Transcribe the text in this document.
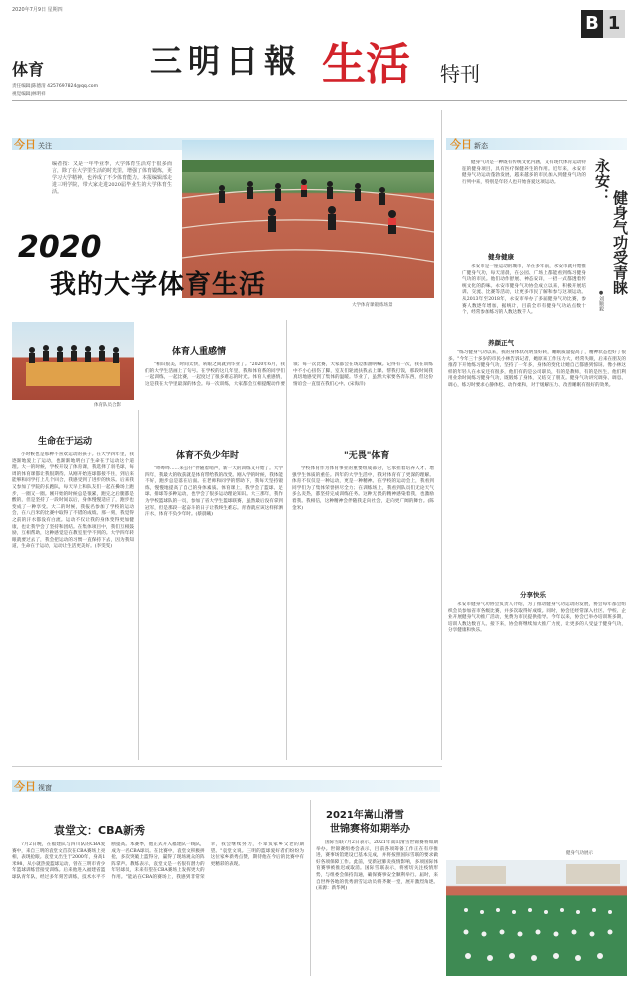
2020年7月9日 星期四
体育
责任编辑|陈德清 4257697824@qq.com
视觉编辑|林明祥
三明日報 生活 特刊
B 1
今日 关注
编者按：又是一年毕业季，大学体育生活对于很多而言，除了在大学里生活的时光里，增强了体育锻炼，更学习大学精神，也养成了不少体育能力。本报编辑部走进三明学院，带大家走进2020届毕业生的大学体育生活。
大学体育课锻炼场景
2020
我的大学体育生活
体育队员合影
生命在于运动

小时候也是那种不喜欢运动的孩子。在大学四年里，我逐渐地爱上了运动，也渐渐地明白了生命在于运动这个道理。大一的时候，学校开设了体育课，我选择了羽毛球，每周的体育课都让我很期待。从刚开始连球都接不住，到后来能够和同学打上几个回合，我感受到了进步的快乐。后来我又参加了学院的长跑队，每天早上和队友们一起在操场上跑步，一圈又一圈。刚开始的时候总是很累，跑完之后腿都是酸的，但是坚持了一段时间以后，身体慢慢适应了，跑步也变成了一种享受。大二的时候，我报名参加了学校的运动会，在八百米的比赛中取得了不错的成绩。那一刻，我觉得之前的汗水都没有白流。运动不仅让我的身体变得更加健康，也让我学会了坚持和团结。在集体项目中，我们互相鼓励，互相帮助，这种感觉是在教室里学不到的。大学四年转眼就要过去了，我会把运动的习惯一直保持下去，因为我知道，生命在于运动，运动让生活更美好。(李雯雯)

体育人重感情

"相识很美，时间太快，转眼之间就到毕业了。"2020年6月，我们的大学生活画上了句号。在学校的这几年里，我和体育系的同学们一起训练，一起比赛，一起度过了很多难忘的时光。体育人重感情，这是我在大学里最深的体会。每一次训练，大家都会互相提醒动作要领；每一次比赛，大家都会在场边加油呐喊。记得有一次，我在训练中不小心扭伤了脚，室友们轮流扶我去上课、帮我打饭，那段时间我真切地感受到了集体的温暖。毕业了，虽然大家要各奔东西，但这份情谊会一直留在我们心中。(宋海洋)

体育不负少年时

"哔哔哔……来公仔"伴随着哨声，新一天的训练又开始了。大学四年，我最大的收获就是体育带给我的改变。刚入学的时候，我体能不好，跑步总是落在后面。在老师和同学的帮助下，我每天坚持锻炼，慢慢地提高了自己的身体素质。体育课上，我学会了篮球、足球、排球等多种运动，也学会了很多运动理论知识。大三那年，我作为学校篮球队的一员，参加了省大学生篮球联赛，虽然最后没有拿到冠军，但是那段一起奋斗的日子让我终生难忘。青春就应该这样挥洒汗水，体育不负少年时。(蔡晨曦)

"无畏"体育

学校体育作为体育事业的重要组成部分，它承担着培养人才、增强学生体质的重任。四年的大学生活中，我对体育有了更深的理解。体育不仅仅是一种运动，更是一种精神。在学校的运动会上，我看到同学们为了集体荣誉拼尽全力；在训练场上，我看到队员们无论天气多么炎热，都坚持完成训练任务。这种无畏的精神感染着我，也激励着我。我相信，这种精神会伴随我走向社会，走向更广阔的舞台。(陈金米)

今日 新态
永安：
健身气功受青睐
●刘顺毅

健身气功是一种既有传统文化内涵，又有现代体育运动特征的健身项目，具有医疗保健养生的作用。近年来，永安市健身气功运动蓬勃发展，越来越多的市民加入到健身气功的行列中来，特别是年轻人也开始喜爱这项运动。

健身健康

永安市是一座运动的城市，早在多年前，永安市就开始推广健身气功，每天清晨，在公园、广场上都能看到练习健身气功的市民。他们动作舒展、神态安详，一招一式都透着传统文化的韵味。永安市健身气功协会成立以来，积极开展培训、交流、比赛等活动，让更多市民了解和参与这项运动。从2013年至2018年，永安市举办了多届健身气功比赛，参赛人数逐年增加，据统计，目前全市有健身气功站点数十个，经常参加练习的人数达数千人。

养颜正气

"练习健身气功以来，我的身体状况明显好转，睡眠质量提高了，精神状态也好了很多。"今年三十多岁的市民小林告诉记者，她原来工作压力大，经常失眠，后来在朋友的推荐下开始练习健身气功，坚持了一年多，身体的变化让她自己都感到惊讶。像小林这样的年轻人在永安还有很多，他们有的是公司职员，有的是教师，有的是医生，他们利用业余时间练习健身气功，既锻炼了身体，又结交了朋友。健身气功讲究调身、调息、调心，练习时要求心静体松、动作柔和，对于缓解压力、改善睡眠有很好的效果。

分享快乐

永安市健身气功协会负责人介绍，为了推动健身气功运动的发展，协会每年都会组织会员参加省市各级比赛，并多次取得好成绩。同时，协会还经常深入社区、学校、企业开展健身气功推广活动，免费为市民提供指导。今年以来，协会已举办培训班多期，培训人数达数百人。接下来，协会将继续加大推广力度，让更多的人受益于健身气功，分享健康和快乐。

健身气功展示
今日 视窗
袁堂文：CBA新秀

7月2日晚，在福建队与四川队的CBA复赛中，来自三明的袁堂文首次在CBA赛场上亮相，表现抢眼。袁堂文出生于2000年，身高1米98，从小就热爱篮球运动，曾在三明市青少年篮球训练营接受训练。后来他进入福建省篮球队青年队，经过多年刻苦训练，技术水平不断提高。本赛季，他正式升入福建队一线队，成为一名CBA球员。在比赛中，袁堂文积极拼抢，多次突破上篮得分，赢得了现场观众的阵阵掌声。教练表示，袁堂文是一名很有潜力的年轻球员，未来有望在CBA赛场上发挥更大的作用。"能站在CBA的赛场上，我感到非常荣幸，我会继续努力，不辜负家乡父老的期望。"袁堂文说。三明的篮球爱好者们纷纷为这位家乡新秀点赞，期待他在今后的比赛中有更精彩的表现。

2021年嵩山滑雪
世锦赛将如期举办

国际雪联7月2日表示，2021年嵩山滑雪世锦赛将如期举办。世锦赛组委会表示，目前各项筹备工作正在有序推进，赛事场馆建设已基本完成，并将按照国际雪联的要求做好各项保障工作。此前，受新冠肺炎疫情影响，多项国际体育赛事被推迟或取消。国际雪联表示，将密切关注疫情形势，与组委会保持沟通，确保赛事安全顺利举行。届时，来自世界各地的优秀滑雪运动员将齐聚一堂，展开激烈角逐。(来源：新华网)
